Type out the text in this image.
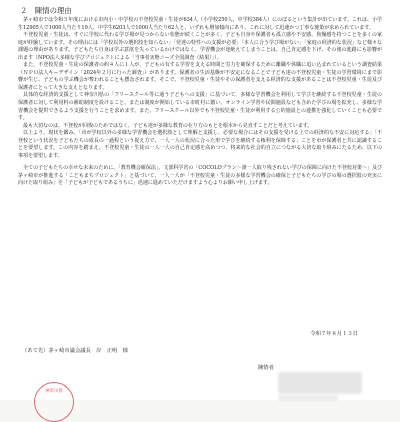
２　陳情の理由

茅ヶ崎市では令和５年度における市内小・中学校の不登校児童・生徒が634人（小学校250人、中学校384人）にのぼるという集計が出ています。これは、小学生12905人で1000人当たり19人、中学生6203人で1000人当たり62人と、いずれも増加傾向にあり、これに対して迅速かつ丁寧な施策が求められています。

不登校児童・生徒は、すぐに学校に代わる学び場が見つからない状態が続くことが多く、子ども自身や保護者も孤立感や不安感、焦燥感を持つことを多くの家庭が経験しています。その理由には「学校以外の選択肢を知らない」「発達の特性への支援が必要」「本人に合う学び場がない」「家庭の経済的な状況」など様々な課題の理由があります。子どもたち自身は学ぶ意欲を失っているわけではなく、学習機会が途絶えてしまうことは、自己肯定感を下げ、その後の進路にも影響が出ます（NPO法人多様な学びプロジェクトによる「当事者実態ニーズ全国調査（結果）」）。

また、不登校児童・生徒の保護者の約４人に１人が、子どもの有する学習を支える時間と労力を確保するために離職や休職に追い込まれているという調査結果（ＮＰＯ法人キーデザイン「2024年２月に行った調査」）があります。保護者の生活基盤が不安定になることで子ども達の不登校児童・生徒の学習環境にまで影響が生じ、子どもの学ぶ機会が奪われることも懸念されます。そこで、不登校児童・生徒やその保護者を支える経済的な支援があることは不登校児童・生徒及び保護者にとって大きな支えとなります。

具体的な経済的支援として神奈川県の「フリースクール等に通う子どもへの支援」に基づいて、多様な学習機会を利用して学びを継続する不登校児童・生徒の保護者に対して利用料の補助制度を設けること、または制度が開始している市町村に倣い、オンライン学習や民間施設なども含めた学びの場を拡充し、多様な学習機会を提供できるよう支援を行うことを求めます。また、フリースクール以外でも不登校児童・生徒が利用する公的施設との連携を強化していくことも必要です。

最も大切なのは、不登校が回復のためではなく、子ども達が多様な教育の在り方のもとを根本から見直すことだと考えています。

以上より、現状を鑑み、「市が学校以外の多様な学習機会を選択肢として理解と支援し、必要な場合にはその支援を受ける上での経済的な不安に対応する」「不登校という状況を子どもたちの成長の一過程という捉え方で、一人一人の状況に合った形で学びを継続する権利を保障する」ことを市が保護者と共に認識することを要望します。この内容を踏まえ、不登校児童・生徒の一人一人の自己肯定感を高めつつ、将来的な社会的自立につながる大切な取り組みにたるため、以下の事項を要望します。

全ての子どもたちの幸せな未来のために、「教育機会確保法」、文部科学省の「COCOLOプラン～誰一人取り残されない学びの保障に向けた不登校対策～」及び茅ヶ崎市が推進する「こどもまちプロジェクト」と基づいて、一人一人が「不登校児童・生徒の多様な学習機会の確保と子どもたちの学びの場の選択肢の充実に向けた取り組み」を「子どもが子どもであるうちに」迅速に進めていただけますよう心よりお願い申し上げます。

令和７年８月１３日
（あて先）茅ヶ崎市議会議長　岸　正明　様
神奈川県
陳情者
